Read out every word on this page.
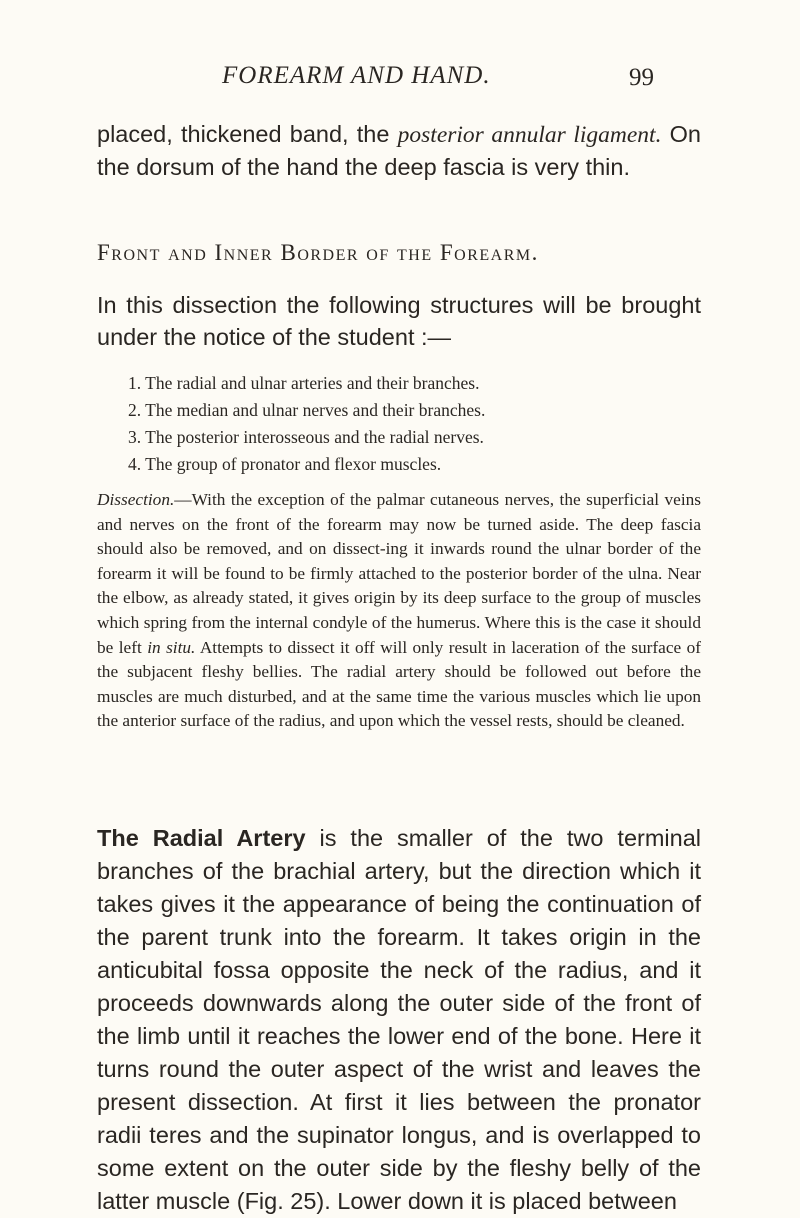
FOREARM AND HAND.	99

placed, thickened band, the posterior annular ligament. On the dorsum of the hand the deep fascia is very thin.

Front and Inner Border of the Forearm.

In this dissection the following structures will be brought under the notice of the student :—

1. The radial and ulnar arteries and their branches.
2. The median and ulnar nerves and their branches.
3. The posterior interosseous and the radial nerves.
4. The group of pronator and flexor muscles.

Dissection.—With the exception of the palmar cutaneous nerves, the superficial veins and nerves on the front of the forearm may now be turned aside. The deep fascia should also be removed, and on dissect-ing it inwards round the ulnar border of the forearm it will be found to be firmly attached to the posterior border of the ulna. Near the elbow, as already stated, it gives origin by its deep surface to the group of muscles which spring from the internal condyle of the humerus. Where this is the case it should be left in situ. Attempts to dissect it off will only result in laceration of the surface of the subjacent fleshy bellies. The radial artery should be followed out before the muscles are much disturbed, and at the same time the various muscles which lie upon the anterior surface of the radius, and upon which the vessel rests, should be cleaned.

The Radial Artery is the smaller of the two terminal branches of the brachial artery, but the direction which it takes gives it the appearance of being the continuation of the parent trunk into the forearm. It takes origin in the anticubital fossa opposite the neck of the radius, and it proceeds downwards along the outer side of the front of the limb until it reaches the lower end of the bone. Here it turns round the outer aspect of the wrist and leaves the present dissection. At first it lies between the pronator radii teres and the supinator longus, and is overlapped to some extent on the outer side by the fleshy belly of the latter muscle (Fig. 25). Lower down it is placed between
